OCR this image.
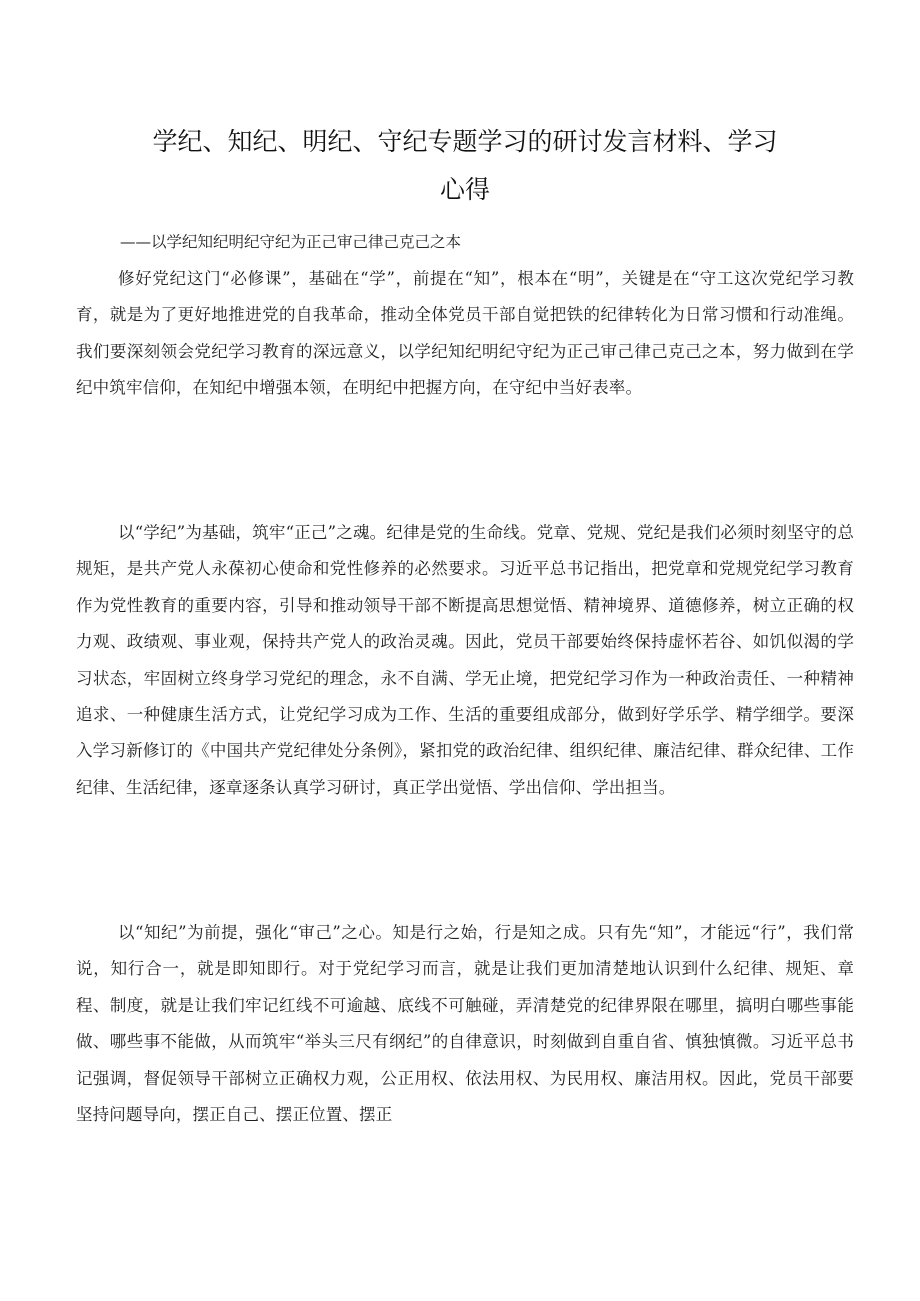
学纪、知纪、明纪、守纪专题学习的研讨发言材料、学习
心得
——以学纪知纪明纪守纪为正己审己律己克己之本

修好党纪这门“必修课”，基础在“学”，前提在“知”，根本在“明”，关键是在“守工这次党纪学习教育，就是为了更好地推进党的自我革命，推动全体党员干部自觉把铁的纪律转化为日常习惯和行动准绳。我们要深刻领会党纪学习教育的深远意义，以学纪知纪明纪守纪为正己审己律己克己之本，努力做到在学纪中筑牢信仰，在知纪中增强本领，在明纪中把握方向，在守纪中当好表率。

以“学纪”为基础，筑牢“正己”之魂。纪律是党的生命线。党章、党规、党纪是我们必须时刻坚守的总规矩，是共产党人永葆初心使命和党性修养的必然要求。习近平总书记指出，把党章和党规党纪学习教育作为党性教育的重要内容，引导和推动领导干部不断提高思想觉悟、精神境界、道德修养，树立正确的权力观、政绩观、事业观，保持共产党人的政治灵魂。因此，党员干部要始终保持虚怀若谷、如饥似渴的学习状态，牢固树立终身学习党纪的理念，永不自满、学无止境，把党纪学习作为一种政治责任、一种精神追求、一种健康生活方式，让党纪学习成为工作、生活的重要组成部分，做到好学乐学、精学细学。要深入学习新修订的《中国共产党纪律处分条例》，紧扣党的政治纪律、组织纪律、廉洁纪律、群众纪律、工作纪律、生活纪律，逐章逐条认真学习研讨，真正学出觉悟、学出信仰、学出担当。

以“知纪”为前提，强化“审己”之心。知是行之始，行是知之成。只有先“知”，才能远“行”，我们常说，知行合一，就是即知即行。对于党纪学习而言，就是让我们更加清楚地认识到什么纪律、规矩、章程、制度，就是让我们牢记红线不可逾越、底线不可触碰，弄清楚党的纪律界限在哪里，搞明白哪些事能做、哪些事不能做，从而筑牢“举头三尺有纲纪”的自律意识，时刻做到自重自省、慎独慎微。习近平总书记强调，督促领导干部树立正确权力观，公正用权、依法用权、为民用权、廉洁用权。因此，党员干部要坚持问题导向，摆正自己、摆正位置、摆正
